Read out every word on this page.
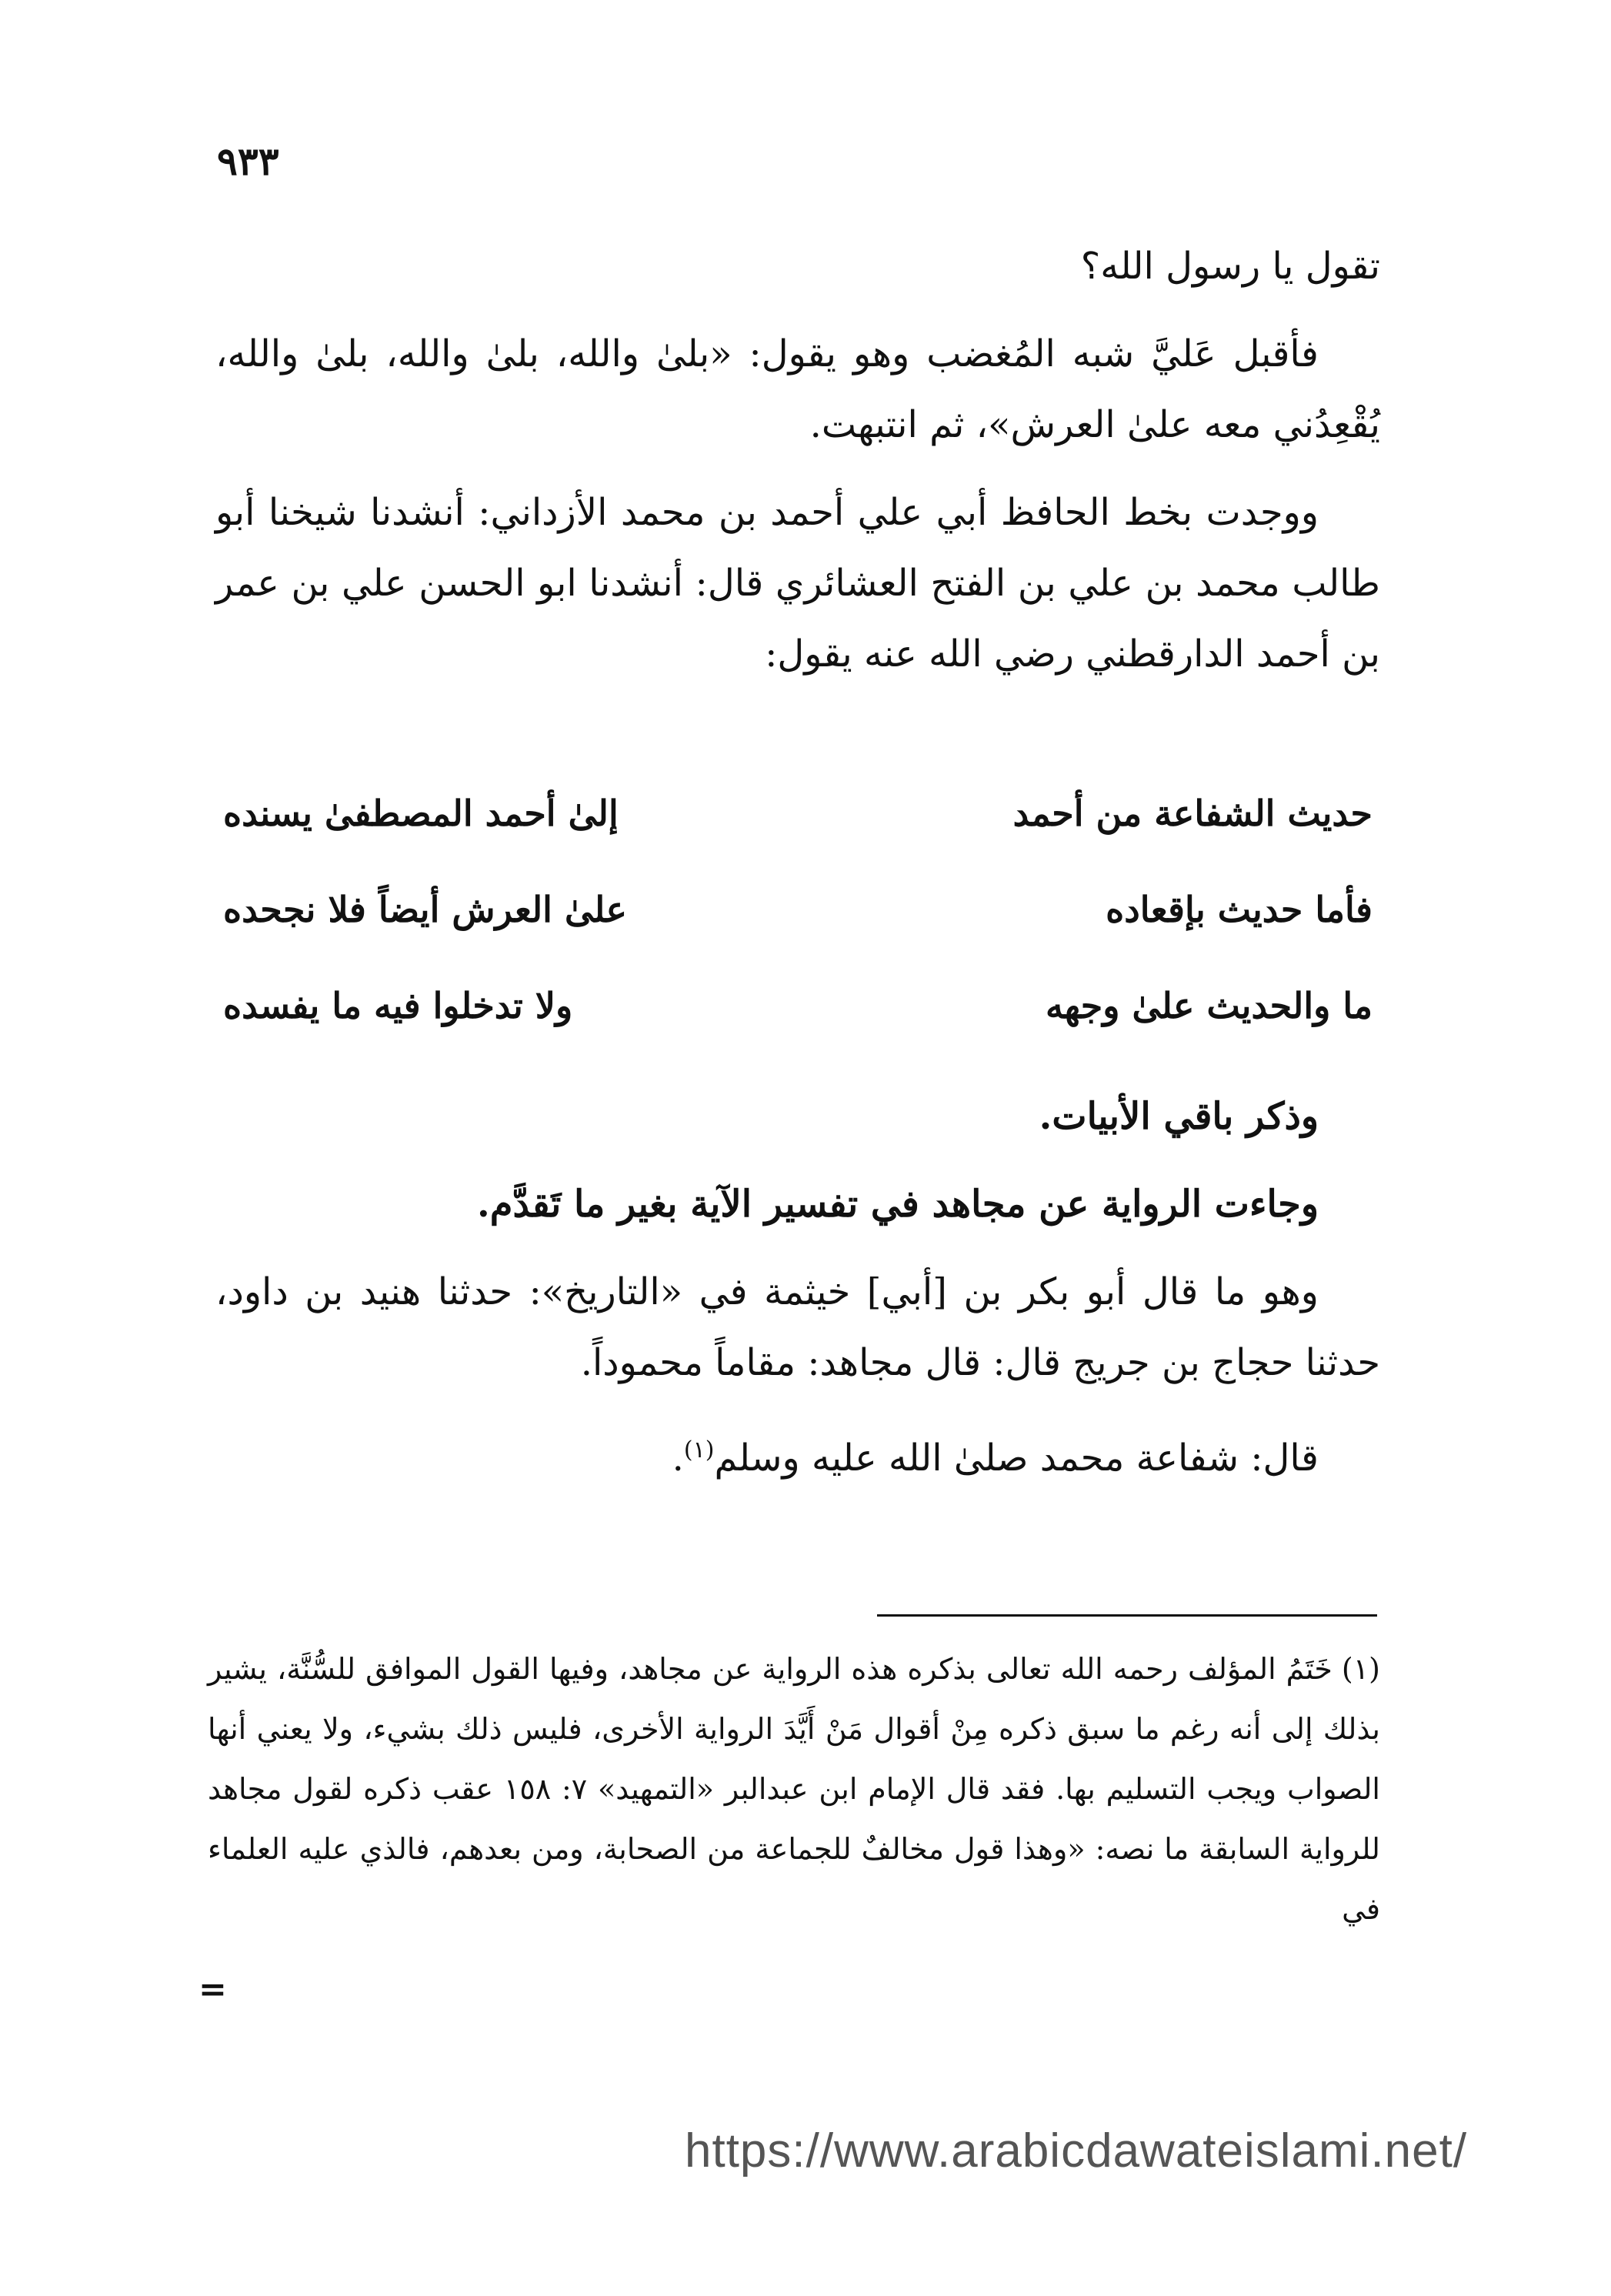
٩٣٣

تقول يا رسول الله؟

فأقبل عَليَّ شبه المُغضب وهو يقول: «بلىٰ والله، بلىٰ والله، بلىٰ والله، يُقْعِدُني معه علىٰ العرش»، ثم انتبهت.

ووجدت بخط الحافظ أبي علي أحمد بن محمد الأزداني: أنشدنا شيخنا أبو طالب محمد بن علي بن الفتح العشائري قال: أنشدنا ابو الحسن علي بن عمر بن أحمد الدارقطني رضي الله عنه يقول:

حديث الشفاعة من أحمد
إلىٰ أحمد المصطفىٰ يسنده
فأما حديث بإقعاده
علىٰ العرش أيضاً فلا نجحده
ما والحديث علىٰ وجهه
ولا تدخلوا فيه ما يفسده

وذكر باقي الأبيات.

وجاءت الرواية عن مجاهد في تفسير الآية بغير ما تَقدَّم.

وهو ما قال أبو بكر بن [أبي] خيثمة في «التاريخ»: حدثنا هنيد بن داود، حدثنا حجاج بن جريج قال: قال مجاهد: مقاماً محموداً.

قال: شفاعة محمد صلىٰ الله عليه وسلم$^{(١)}$.

(١)خَتَمُ المؤلف رحمه الله تعالى بذكره هذه الرواية عن مجاهد، وفيها القول الموافق للسُّنَّة، يشير بذلك إلى أنه رغم ما سبق ذكره مِنْ أقوال مَنْ أَيَّدَ الرواية الأخرى، فليس ذلك بشيء، ولا يعني أنها الصواب ويجب التسليم بها. فقد قال الإمام ابن عبدالبر «التمهيد» ٧: ١٥٨ عقب ذكره لقول مجاهد للرواية السابقة ما نصه: «وهذا قول مخالفٌ للجماعة من الصحابة، ومن بعدهم، فالذي عليه العلماء في
=
https://www.arabicdawateislami.net/
